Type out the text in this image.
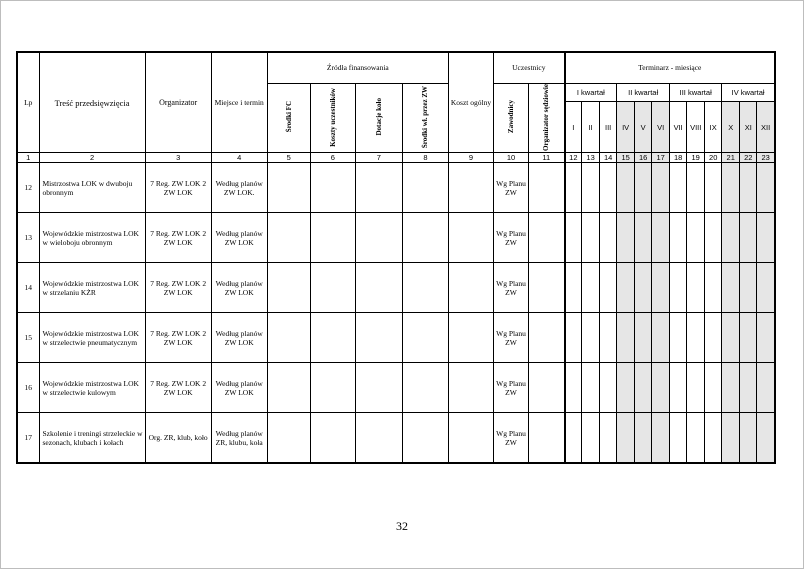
Lp	Treść przedsięwzięcia	Organizator	Miejsce i termin	Źródła finansowania				Koszt ogólny	Uczestnicy		Terminarz - miesiące											
				Środki FC	Koszty uczestników	Dotacje koło	Środki wł. przez ZW		Zawodnicy	Organizator sędziowie	I kwartał			II kwartał			III kwartał			IV kwartał		
											I	II	III	IV	V	VI	VII	VIII	IX	X	XI	XII
1	2	3	4	5	6	7	8	9	10	11	12	13	14	15	16	17	18	19	20	21	22	23
12	Mistrzostwa LOK w dwuboju obronnym	7 Reg. ZW LOK 2 ZW LOK	Według planów ZW LOK.						Wg Planu ZW													
13	Wojewódzkie mistrzostwa LOK w wieloboju obronnym	7 Reg. ZW LOK 2 ZW LOK	Według planów ZW LOK						Wg Planu ZW													
14	Wojewódzkie mistrzostwa LOK w strzelaniu KŻR	7 Reg. ZW LOK 2 ZW LOK	Według planów ZW LOK						Wg Planu ZW													
15	Wojewódzkie mistrzostwa LOK w strzelectwie pneumatycznym	7 Reg. ZW LOK 2 ZW LOK	Według planów ZW LOK						Wg Planu ZW													
16	Wojewódzkie mistrzostwa LOK w strzelectwie kulowym	7 Reg. ZW LOK 2 ZW LOK	Według planów ZW LOK						Wg Planu ZW													
17	Szkolenie i treningi strzeleckie w sezonach, klubach i kołach	Org. ZR, klub, koło	Według planów ZR, klubu, koła						Wg Planu ZW													
32
